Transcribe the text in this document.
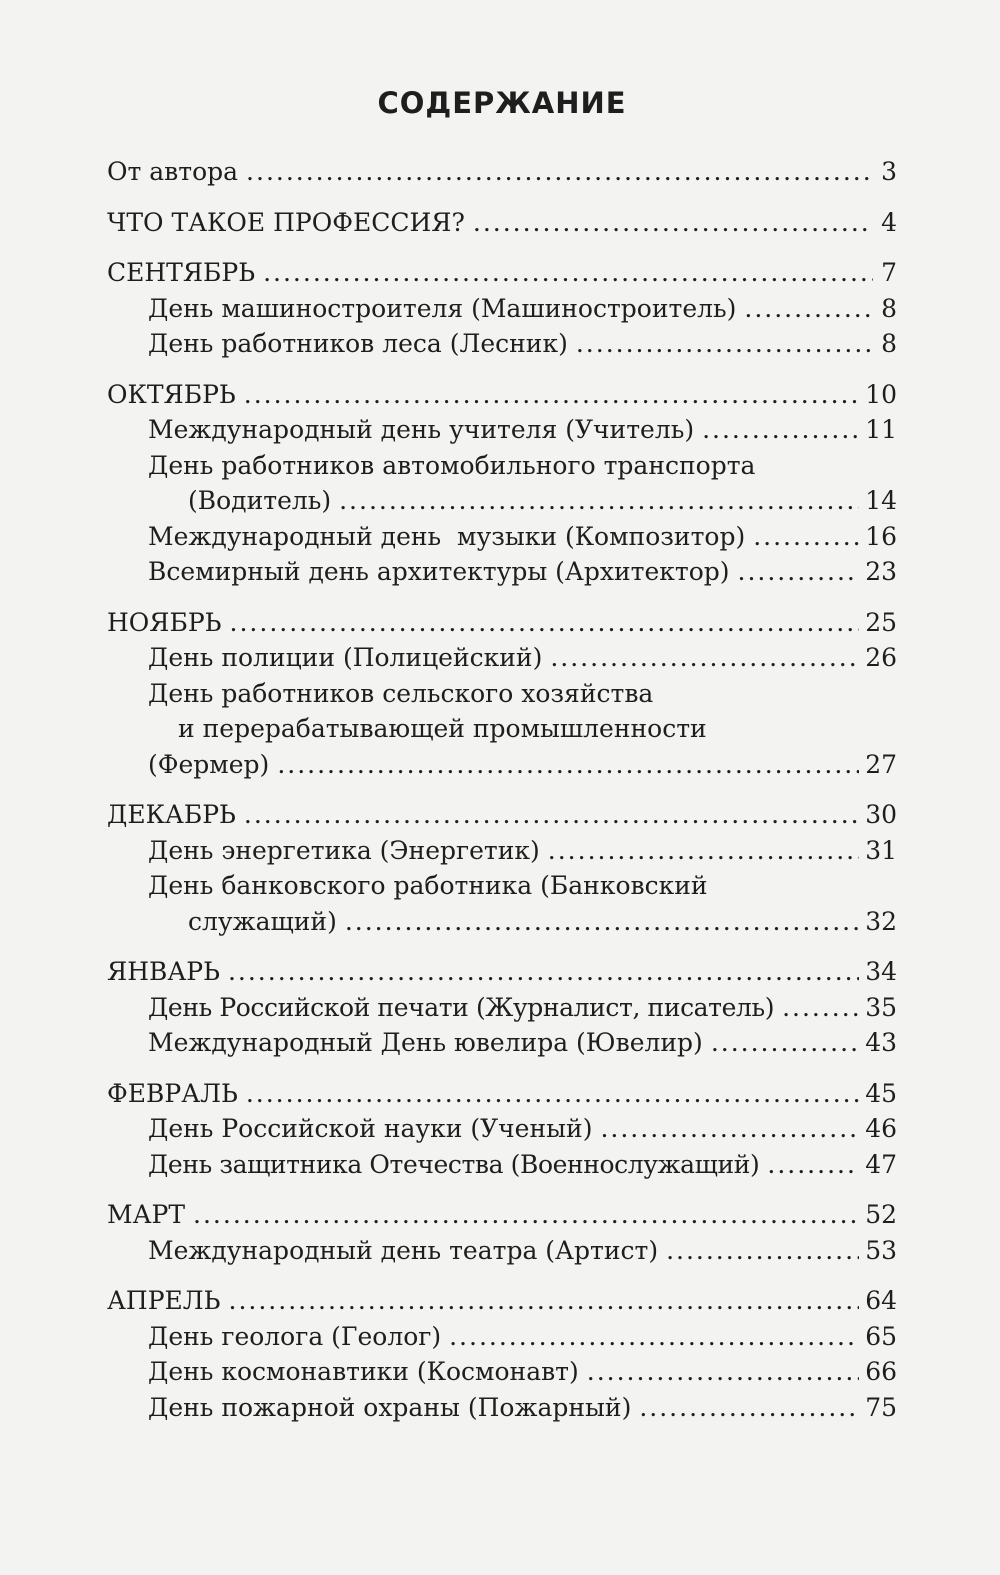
СОДЕРЖАНИЕ
От автора .....	3
ЧТО ТАКОЕ ПРОФЕССИЯ? .....	4
СЕНТЯБРЬ .....	7
День машиностроителя (Машиностроитель) .....	8
День работников леса (Лесник) .....	8
ОКТЯБРЬ .....	10
Международный день учителя (Учитель) .....	11
День работников автомобильного транспорта
(Водитель) .....	14
Международный день  музыки (Композитор) .....	16
Всемирный день архитектуры (Архитектор) .....	23
НОЯБРЬ .....	25
День полиции (Полицейский) .....	26
День работников сельского хозяйства
и перерабатывающей промышленности
(Фермер) .....	27
ДЕКАБРЬ .....	30
День энергетика (Энергетик) .....	31
День банковского работника (Банковский
служащий) .....	32
ЯНВАРЬ .....	34
День Российской печати (Журналист, писатель) .....	35
Международный День ювелира (Ювелир) .....	43
ФЕВРАЛЬ .....	45
День Российской науки (Ученый) .....	46
День защитника Отечества (Военнослужащий) .....	47
МАРТ .....	52
Международный день театра (Артист) .....	53
АПРЕЛЬ .....	64
День геолога (Геолог) .....	65
День космонавтики (Космонавт) .....	66
День пожарной охраны (Пожарный) .....	75
